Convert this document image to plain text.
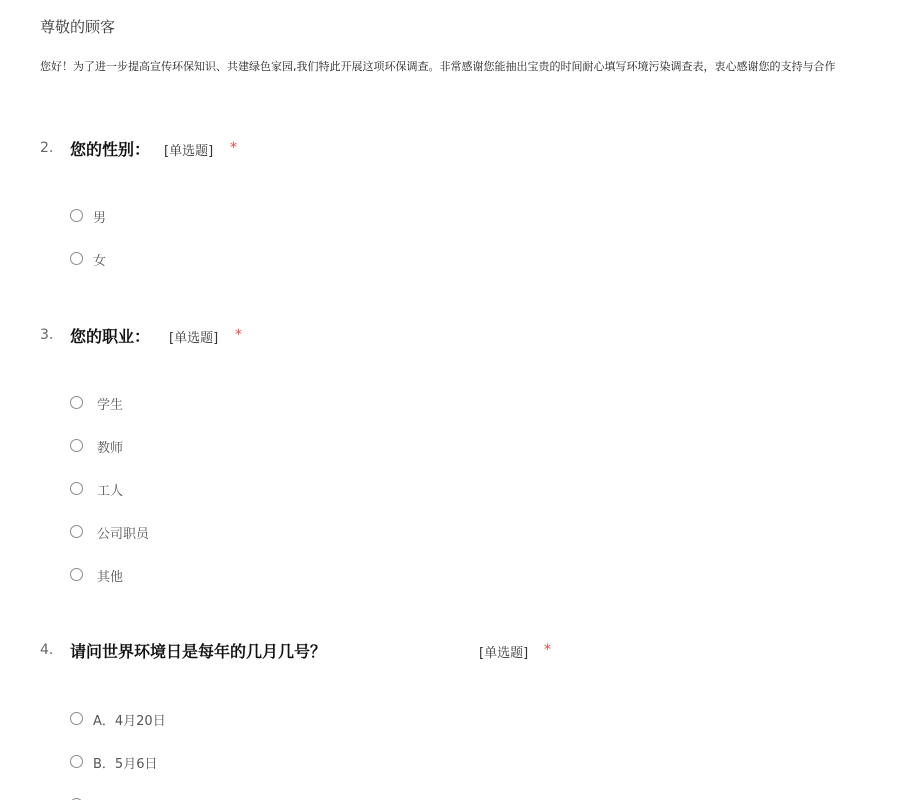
尊敬的顾客
您好！为了进一步提高宣传环保知识、共建绿色家园,我们特此开展这项环保调查。非常感谢您能抽出宝贵的时间耐心填写环境污染调查表，衷心感谢您的支持与合作
2. 您的性别： [单选题] *
男
女
3. 您的职业： [单选题] *
学生
教师
工人
公司职员
其他
4. 请问世界环境日是每年的几月几号？	[单选题] *
A．4月20日
B．5月6日
